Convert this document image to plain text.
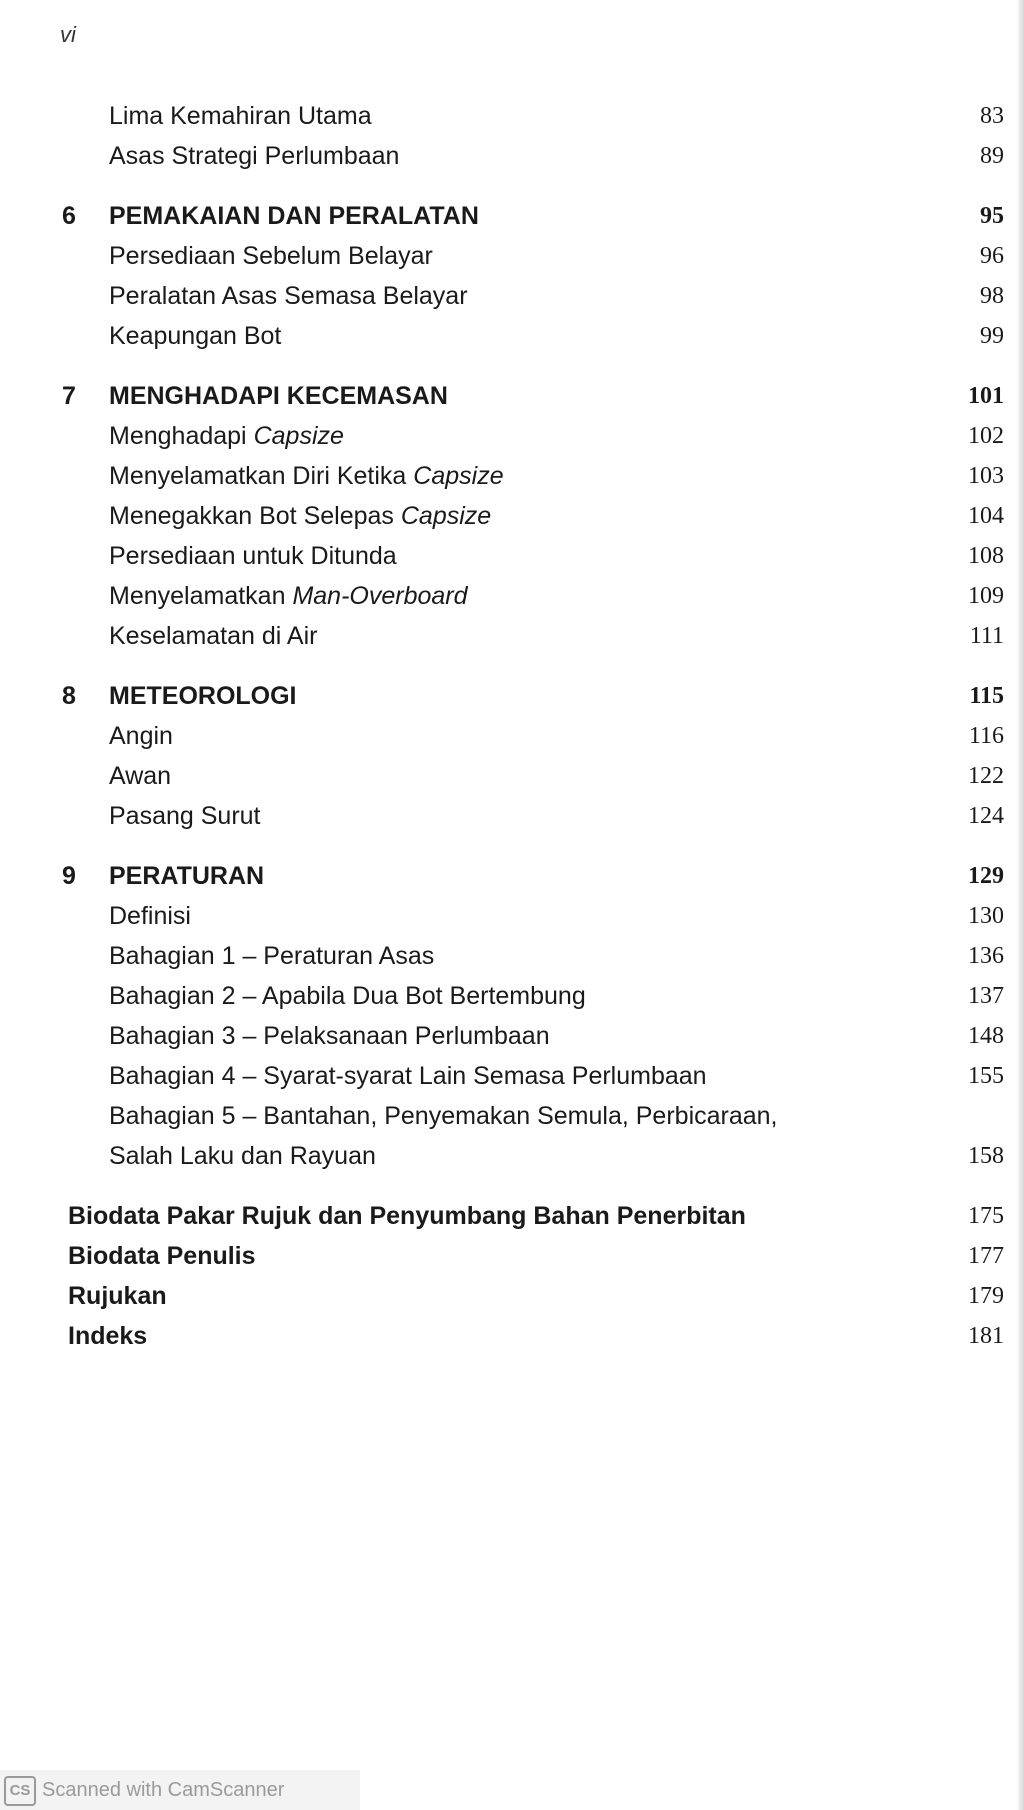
vi
Lima Kemahiran Utama	83
Asas Strategi Perlumbaan	89
6 PEMAKAIAN DAN PERALATAN	95
Persediaan Sebelum Belayar	96
Peralatan Asas Semasa Belayar	98
Keapungan Bot	99
7 MENGHADAPI KECEMASAN	101
Menghadapi Capsize	102
Menyelamatkan Diri Ketika Capsize	103
Menegakkan Bot Selepas Capsize	104
Persediaan untuk Ditunda	108
Menyelamatkan Man-Overboard	109
Keselamatan di Air	111
8 METEOROLOGI	115
Angin	116
Awan	122
Pasang Surut	124
9 PERATURAN	129
Definisi	130
Bahagian 1 – Peraturan Asas	136
Bahagian 2 – Apabila Dua Bot Bertembung	137
Bahagian 3 – Pelaksanaan Perlumbaan	148
Bahagian 4 – Syarat-syarat Lain Semasa Perlumbaan	155
Bahagian 5 – Bantahan, Penyemakan Semula, Perbicaraan,
Salah Laku dan Rayuan	158
Biodata Pakar Rujuk dan Penyumbang Bahan Penerbitan	175
Biodata Penulis	177
Rujukan	179
Indeks	181
CS Scanned with CamScanner
